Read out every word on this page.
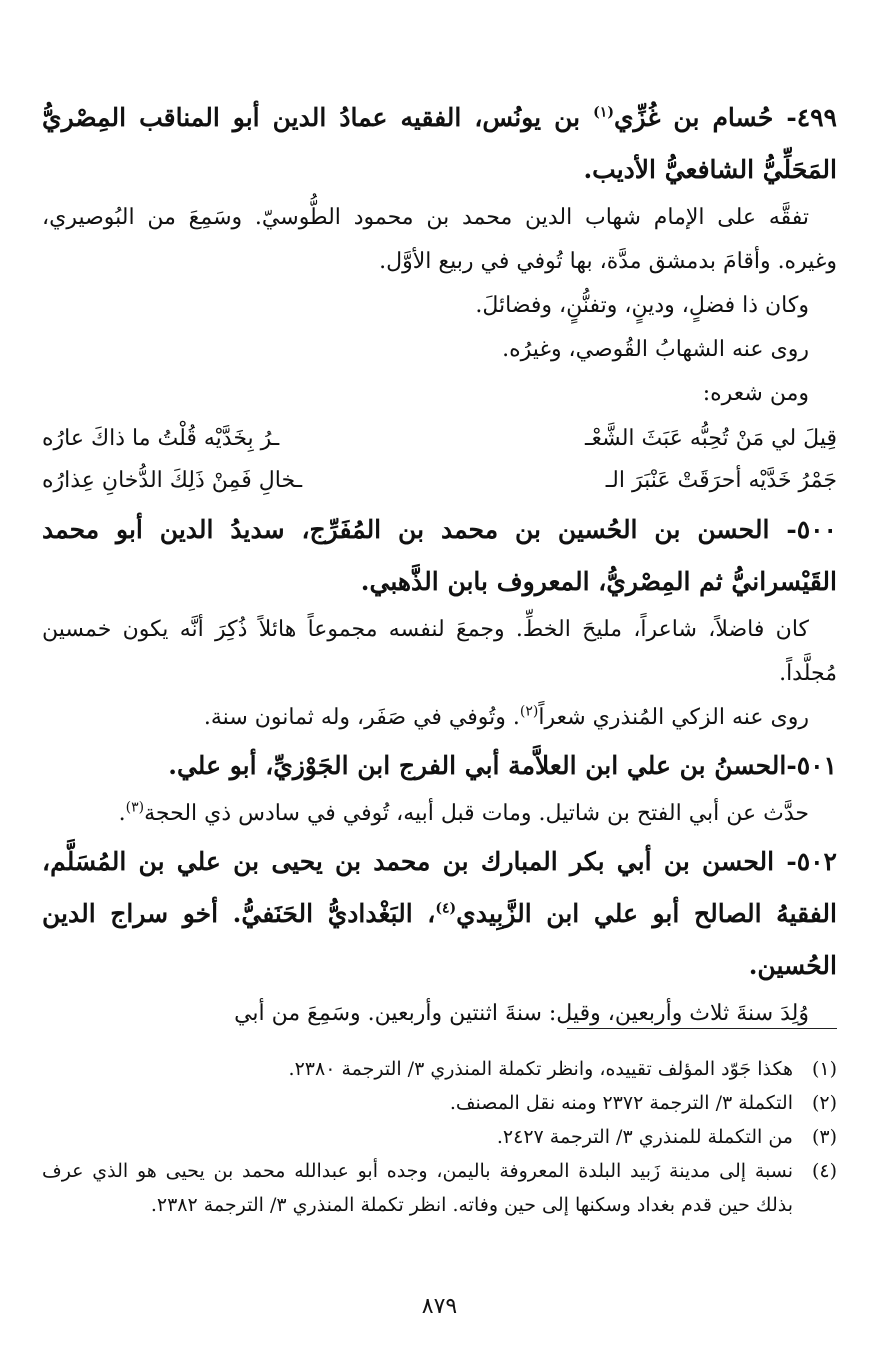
٤٩٩- حُسام بن غُزِّي$^{(١)}$ بن يونُس، الفقيه عمادُ الدين أبو المناقب المِصْريُّ المَحَلِّيُّ الشافعيُّ الأديب.

تفقَّه على الإمام شهاب الدين محمد بن محمود الطُّوسيّ. وسَمِعَ من البُوصيري، وغيره. وأقامَ بدمشق مدَّة، بها تُوفي في ربيع الأوَّل.

وكان ذا فضلٍ، ودينٍ، وتفنُّنٍ، وفضائلَ.

روى عنه الشهابُ القُوصي، وغيرُه.

ومن شعره:

قِيلَ لي مَنْ تُحِبُّه عَبَثَ الشَّعْـ
ـرُ بِخَدَّيْه قُلْتُ ما ذاكَ عارُه
جَمْرُ خَدَّيْه أحرَقَتْ عَنْبَرَ الـ
ـخالِ فَمِنْ ذَلِكَ الدُّخانِ عِذارُه

٥٠٠- الحسن بن الحُسين بن محمد بن المُفَرِّج، سديدُ الدين أبو محمد القَيْسرانيُّ ثم المِصْريُّ، المعروف بابن الذَّهبي.

كان فاضلاً، شاعراً، مليحَ الخطِّ. وجمعَ لنفسه مجموعاً هائلاً ذُكِرَ أنَّه يكون خمسين مُجلَّداً.

روى عنه الزكي المُنذري شعراً$^{(٢)}$. وتُوفي في صَفَر، وله ثمانون سنة.

٥٠١-الحسنُ بن علي ابن العلاَّمة أبي الفرج ابن الجَوْزيِّ، أبو علي.

حدَّث عن أبي الفتح بن شاتيل. ومات قبل أبيه، تُوفي في سادس ذي الحجة$^{(٣)}$.

٥٠٢- الحسن بن أبي بكر المبارك بن محمد بن يحيى بن علي بن المُسَلَّم، الفقيهُ الصالح أبو علي ابن الزَّبِيدي$^{(٤)}$، البَغْداديُّ الحَنَفيُّ. أخو سراج الدين الحُسين.

وُلِدَ سنةَ ثلاث وأربعين، وقيل: سنةَ اثنتين وأربعين. وسَمِعَ من أبي

(١)
هكذا جَوّد المؤلف تقييده، وانظر تكملة المنذري ٣/ الترجمة ٢٣٨٠.
(٢)
التكملة ٣/ الترجمة ٢٣٧٢ ومنه نقل المصنف.
(٣)
من التكملة للمنذري ٣/ الترجمة ٢٤٢٧.
(٤)
نسبة إلى مدينة زَبيد البلدة المعروفة باليمن، وجده أبو عبدالله محمد بن يحيى هو الذي عرف بذلك حين قدم بغداد وسكنها إلى حين وفاته. انظر تكملة المنذري ٣/ الترجمة ٢٣٨٢.
٨٧٩
